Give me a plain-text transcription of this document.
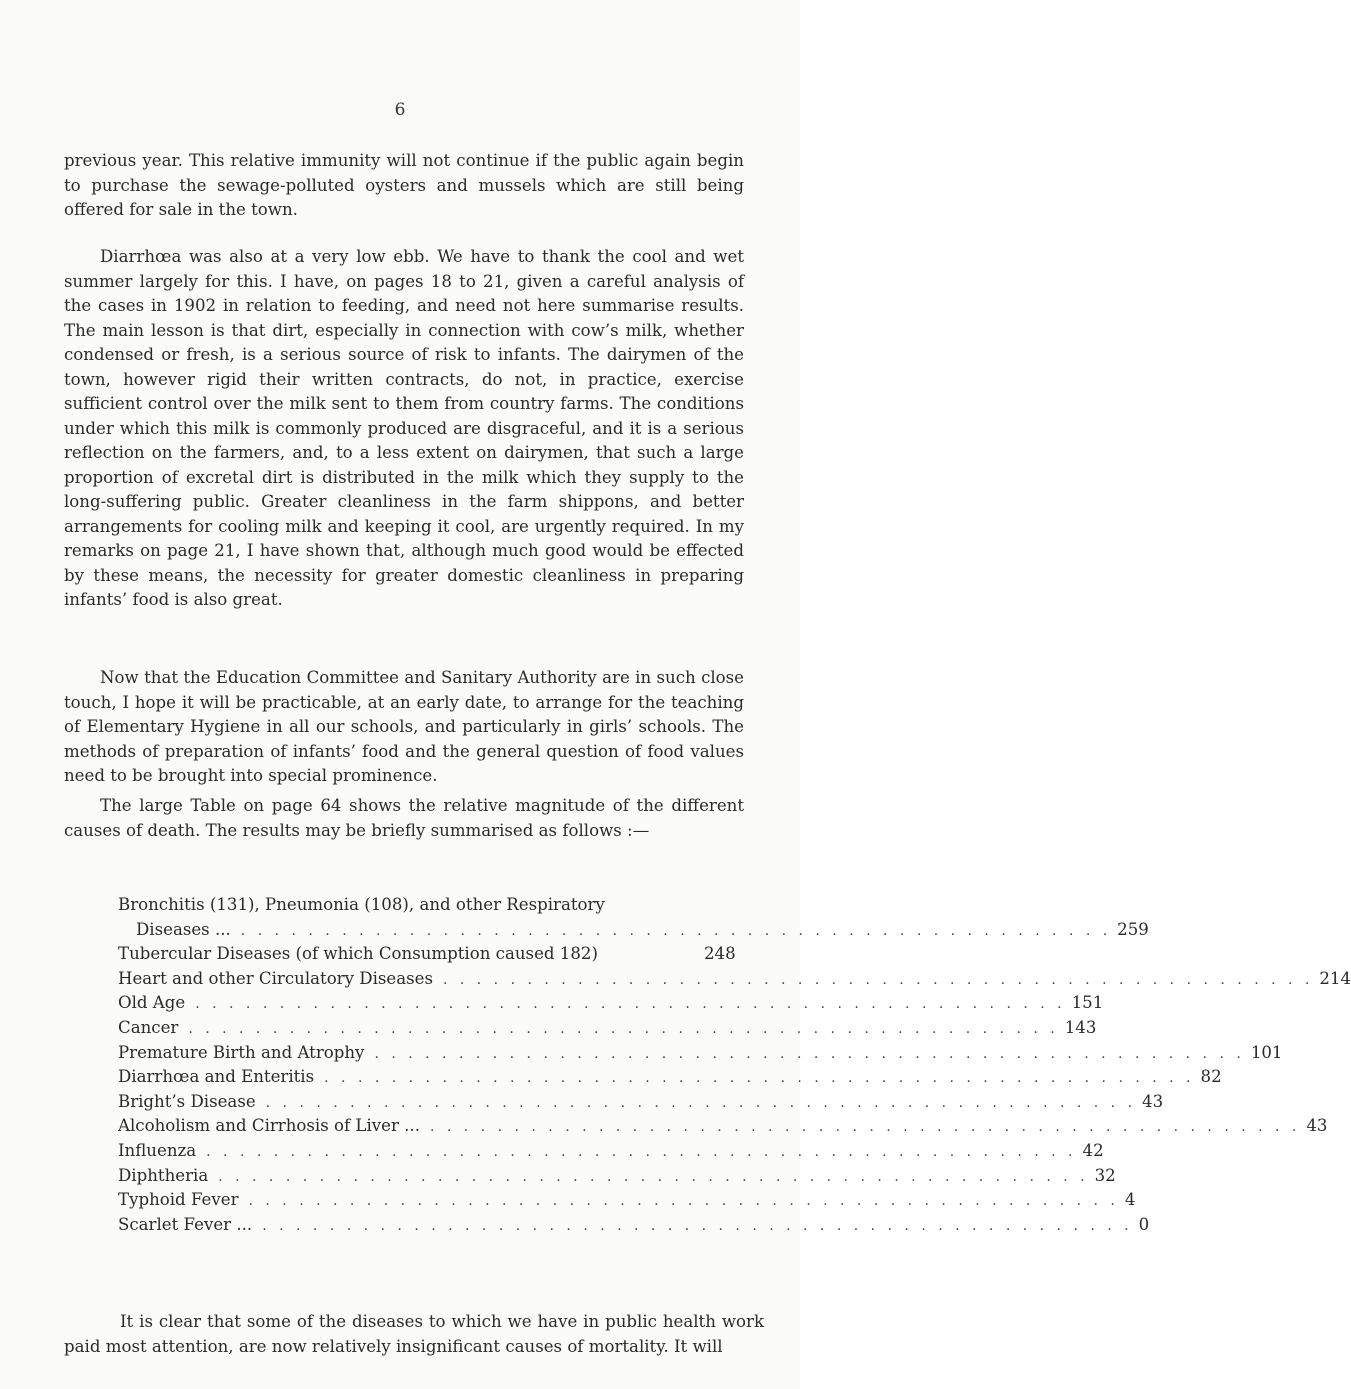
6
previous year. This relative immunity will not continue if the public again begin to purchase the sewage-polluted oysters and mussels which are still being offered for sale in the town.
Diarrhœa was also at a very low ebb. We have to thank the cool and wet summer largely for this. I have, on pages 18 to 21, given a careful analysis of the cases in 1902 in relation to feeding, and need not here summarise results. The main lesson is that dirt, especially in connection with cow’s milk, whether condensed or fresh, is a serious source of risk to infants. The dairymen of the town, however rigid their written contracts, do not, in practice, exercise sufficient control over the milk sent to them from country farms. The conditions under which this milk is commonly produced are disgraceful, and it is a serious reflection on the farmers, and, to a less extent on dairymen, that such a large proportion of excretal dirt is distributed in the milk which they supply to the long-suffering public. Greater cleanliness in the farm shippons, and better arrangements for cooling milk and keeping it cool, are urgently required. In my remarks on page 21, I have shown that, although much good would be effected by these means, the necessity for greater domestic cleanliness in preparing infants’ food is also great.
Now that the Education Committee and Sanitary Authority are in such close touch, I hope it will be practicable, at an early date, to arrange for the teaching of Elementary Hygiene in all our schools, and particularly in girls’ schools. The methods of preparation of infants’ food and the general question of food values need to be brought into special prominence.
The large Table on page 64 shows the relative magnitude of the different causes of death. The results may be briefly summarised as follows :—
Bronchitis (131), Pneumonia (108), and other Respiratory
Diseases ... . . . . . . . . . . . . . . . . . . . . . . . . . . . . . . . . . . . . . . . . . . . . . . . . . . . . 259
Tubercular Diseases (of which Consumption caused 182)	248
Heart and other Circulatory Diseases . . . . . . . . . . . . . . . . . . . . . . . . . . . . . . . . . . . . . . . . . . . . . . . . . . . . 214
Old Age . . . . . . . . . . . . . . . . . . . . . . . . . . . . . . . . . . . . . . . . . . . . . . . . . . . . 151
Cancer . . . . . . . . . . . . . . . . . . . . . . . . . . . . . . . . . . . . . . . . . . . . . . . . . . . . 143
Premature Birth and Atrophy . . . . . . . . . . . . . . . . . . . . . . . . . . . . . . . . . . . . . . . . . . . . . . . . . . . . 101
Diarrhœa and Enteritis . . . . . . . . . . . . . . . . . . . . . . . . . . . . . . . . . . . . . . . . . . . . . . . . . . . . 82
Bright’s Disease . . . . . . . . . . . . . . . . . . . . . . . . . . . . . . . . . . . . . . . . . . . . . . . . . . . . 43
Alcoholism and Cirrhosis of Liver ... . . . . . . . . . . . . . . . . . . . . . . . . . . . . . . . . . . . . . . . . . . . . . . . . . . . . 43
Influenza . . . . . . . . . . . . . . . . . . . . . . . . . . . . . . . . . . . . . . . . . . . . . . . . . . . . 42
Diphtheria . . . . . . . . . . . . . . . . . . . . . . . . . . . . . . . . . . . . . . . . . . . . . . . . . . . . 32
Typhoid Fever . . . . . . . . . . . . . . . . . . . . . . . . . . . . . . . . . . . . . . . . . . . . . . . . . . . . 4
Scarlet Fever ... . . . . . . . . . . . . . . . . . . . . . . . . . . . . . . . . . . . . . . . . . . . . . . . . . . . . 0
It is clear that some of the diseases to which we have in public health work paid most attention, are now relatively insignificant causes of mortality. It will
